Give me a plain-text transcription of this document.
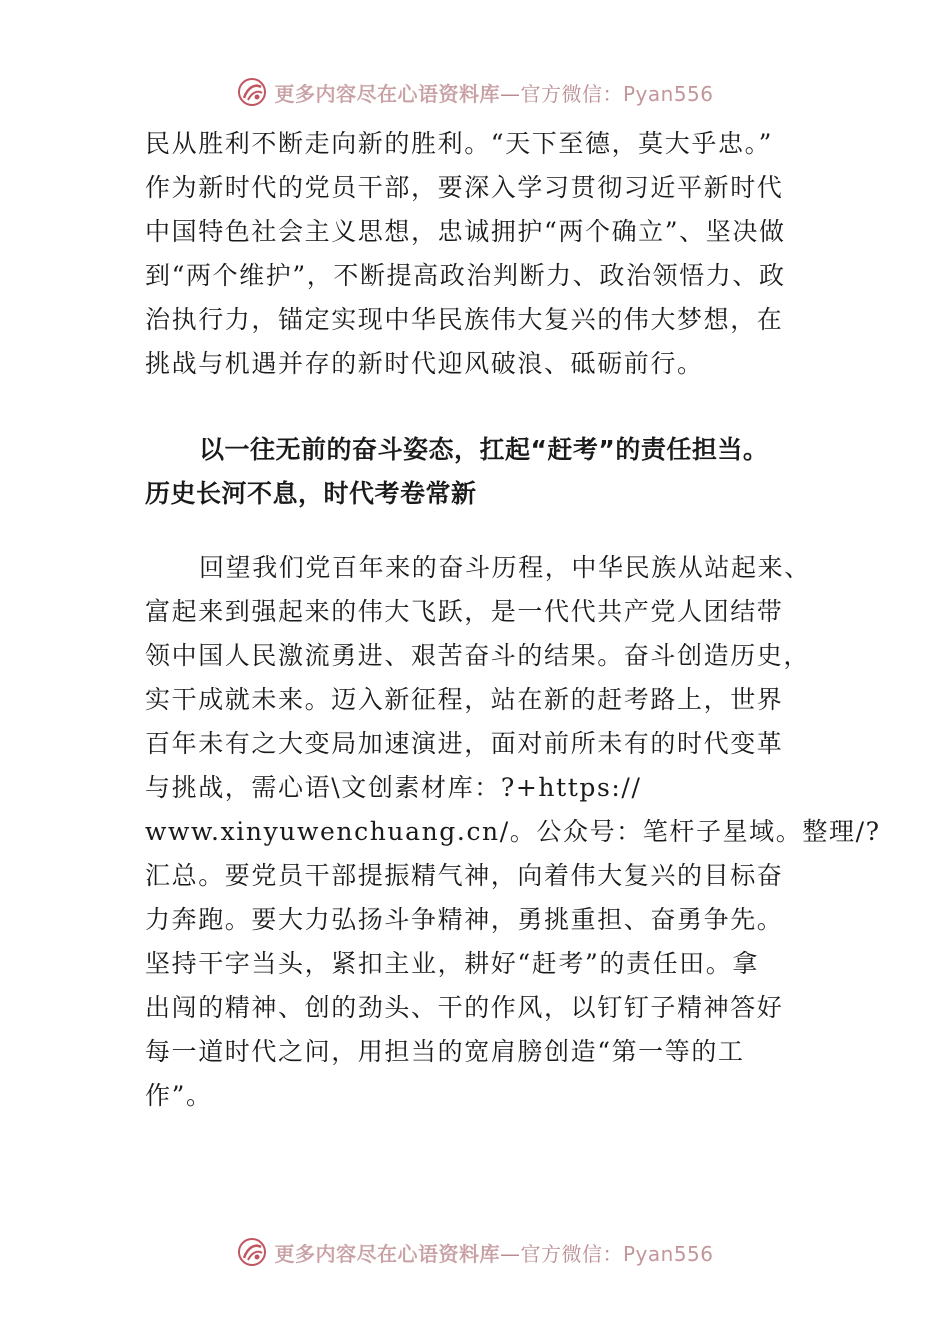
更多内容尽在心语资料库—官方微信：Pyan556
民从胜利不断走向新的胜利。“天下至德，莫大乎忠。”
作为新时代的党员干部，要深入学习贯彻习近平新时代
中国特色社会主义思想，忠诚拥护“两个确立”、坚决做
到“两个维护”，不断提高政治判断力、政治领悟力、政
治执行力，锚定实现中华民族伟大复兴的伟大梦想，在
挑战与机遇并存的新时代迎风破浪、砥砺前行。
以一往无前的奋斗姿态，扛起“赶考”的责任担当。
历史长河不息，时代考卷常新
回望我们党百年来的奋斗历程，中华民族从站起来、
富起来到强起来的伟大飞跃，是一代代共产党人团结带
领中国人民激流勇进、艰苦奋斗的结果。奋斗创造历史，
实干成就未来。迈入新征程，站在新的赶考路上，世界
百年未有之大变局加速演进，面对前所未有的时代变革
与挑战，需心语\文创素材库：?+https://
www.xinyuwenchuang.cn/。公众号：笔杆子星域。整理/?
汇总。要党员干部提振精气神，向着伟大复兴的目标奋
力奔跑。要大力弘扬斗争精神，勇挑重担、奋勇争先。
坚持干字当头，紧扣主业，耕好“赶考”的责任田。拿
出闯的精神、创的劲头、干的作风，以钉钉子精神答好
每一道时代之问，用担当的宽肩膀创造“第一等的工
作”。
更多内容尽在心语资料库—官方微信：Pyan556
